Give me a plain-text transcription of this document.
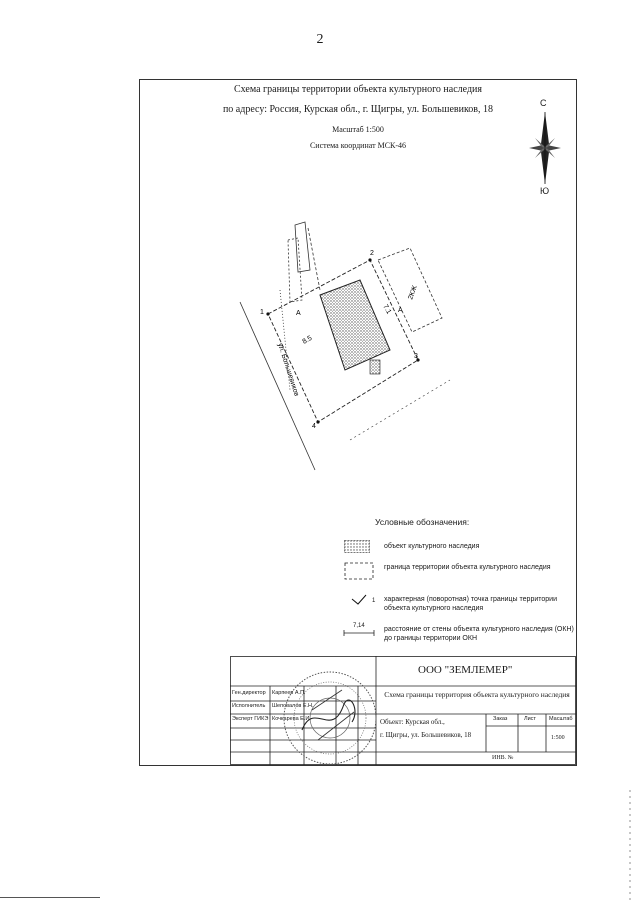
2
Схема границы территории объекта культурного наследия
по адресу: Россия, Курская обл., г. Щигры, ул. Большевиков, 18
Масштаб 1:500
Система координат МСК-46
С
Ю
2КЖ
1
2
3
4
А	А
8.5
7.1
ул. Большевиков
Условные обозначения:
объект культурного наследия
граница территории объекта культурного наследия
1 характерная (поворотная) точка границы территории объекта культурного наследия
7,14	расстояние от стены объекта культурного наследия (ОКН) до границы территории ОКН
ООО "ЗЕМЛЕМЕР"
Ген.директор Карпеев А.П.
Исполнитель Шеповалов Е.Н.
Эксперт ГИКЭ Кочкарева Е.И.
Схема границы территория объекта культурного наследия
Объект: Курская обл.,
г. Щигры, ул. Большевиков, 18
Заказ	Лист Масштаб
1:500
ИНВ. №
